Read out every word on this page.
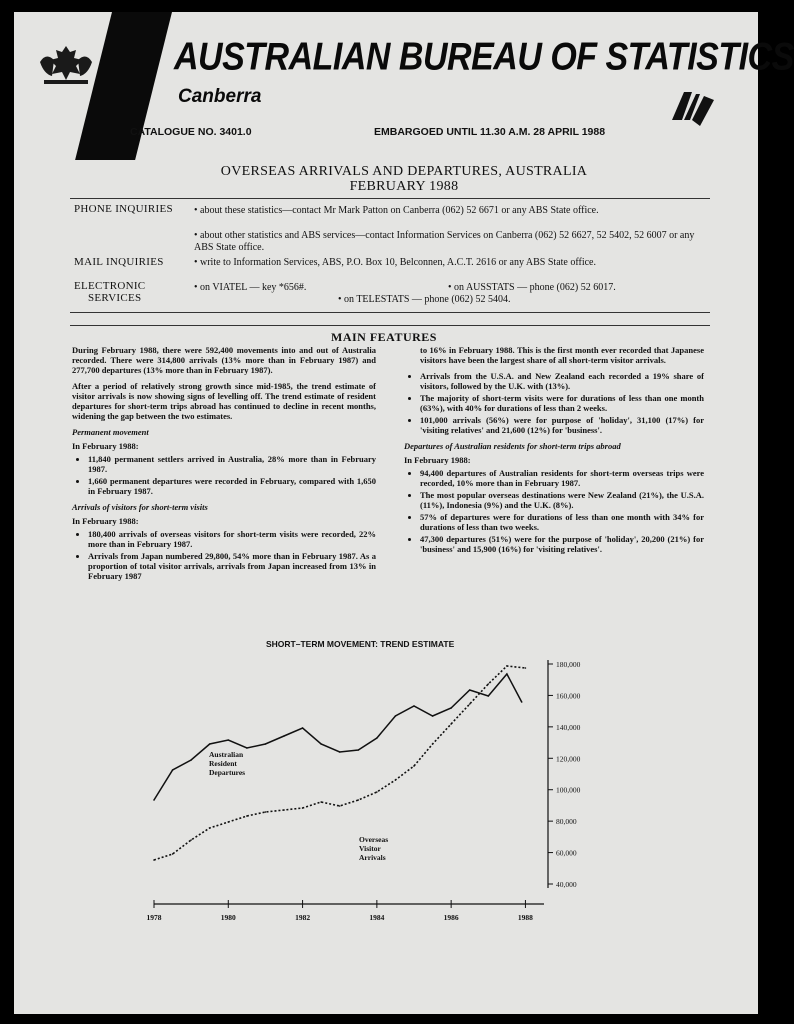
AUSTRALIAN BUREAU OF STATISTICS
Canberra
CATALOGUE NO. 3401.0	EMBARGOED UNTIL 11.30 A.M. 28 APRIL 1988
OVERSEAS ARRIVALS AND DEPARTURES, AUSTRALIA
FEBRUARY 1988
PHONE INQUIRIES • about these statistics—contact Mr Mark Patton on Canberra (062) 52 6671 or any ABS State office.
• about other statistics and ABS services—contact Information Services on Canberra (062) 52 6627, 52 5402, 52 6007 or any ABS State office.
MAIL INQUIRIES	• write to Information Services, ABS, P.O. Box 10, Belconnen, A.C.T. 2616 or any ABS State office.
ELECTRONIC
SERVICES
• on VIATEL — key *656#.	• on AUSSTATS — phone (062) 52 6017.
• on TELESTATS — phone (062) 52 5404.
MAIN FEATURES

During February 1988, there were 592,400 movements into and out of Australia recorded. There were 314,800 arrivals (13% more than in February 1987) and 277,700 departures (13% more than in February 1987).

After a period of relatively strong growth since mid-1985, the trend estimate of visitor arrivals is now showing signs of levelling off. The trend estimate of resident departures for short-term trips abroad has continued to decline in recent months, widening the gap between the two estimates.

Permanent movement
In February 1988:
• 11,840 permanent settlers arrived in Australia, 28% more than in February 1987.
• 1,660 permanent departures were recorded in February, compared with 1,650 in February 1987.
Arrivals of visitors for short-term visits
In February 1988:
• 180,400 arrivals of overseas visitors for short-term visits were recorded, 22% more than in February 1987.
• Arrivals from Japan numbered 29,800, 54% more than in February 1987. As a proportion of total visitor arrivals, arrivals from Japan increased from 13% in February 1987

to 16% in February 1988. This is the first month ever recorded that Japanese visitors have been the largest share of all short-term visitor arrivals.

• Arrivals from the U.S.A. and New Zealand each recorded a 19% share of visitors, followed by the U.K. with (13%).
• The majority of short-term visits were for durations of less than one month (63%), with 40% for durations of less than 2 weeks.
• 101,000 arrivals (56%) were for purpose of 'holiday', 31,100 (17%) for 'visiting relatives' and 21,600 (12%) for 'business'.
Departures of Australian residents for short-term trips abroad
In February 1988:
• 94,400 departures of Australian residents for short-term overseas trips were recorded, 10% more than in February 1987.
• The most popular overseas destinations were New Zealand (21%), the U.S.A. (11%), Indonesia (9%) and the U.K. (8%).
• 57% of departures were for durations of less than one month with 34% for durations of less than two weeks.
• 47,300 departures (51%) were for the purpose of 'holiday', 20,200 (21%) for 'business' and 15,900 (16%) for 'visiting relatives'.
SHORT–TERM MOVEMENT: TREND ESTIMATE
40,000
60,000
80,000
100,000
120,000
140,000
160,000
180,000
1978	1980	1982	1984	1986	1988
Australian
Resident
Departures
Overseas
Visitor
Arrivals
